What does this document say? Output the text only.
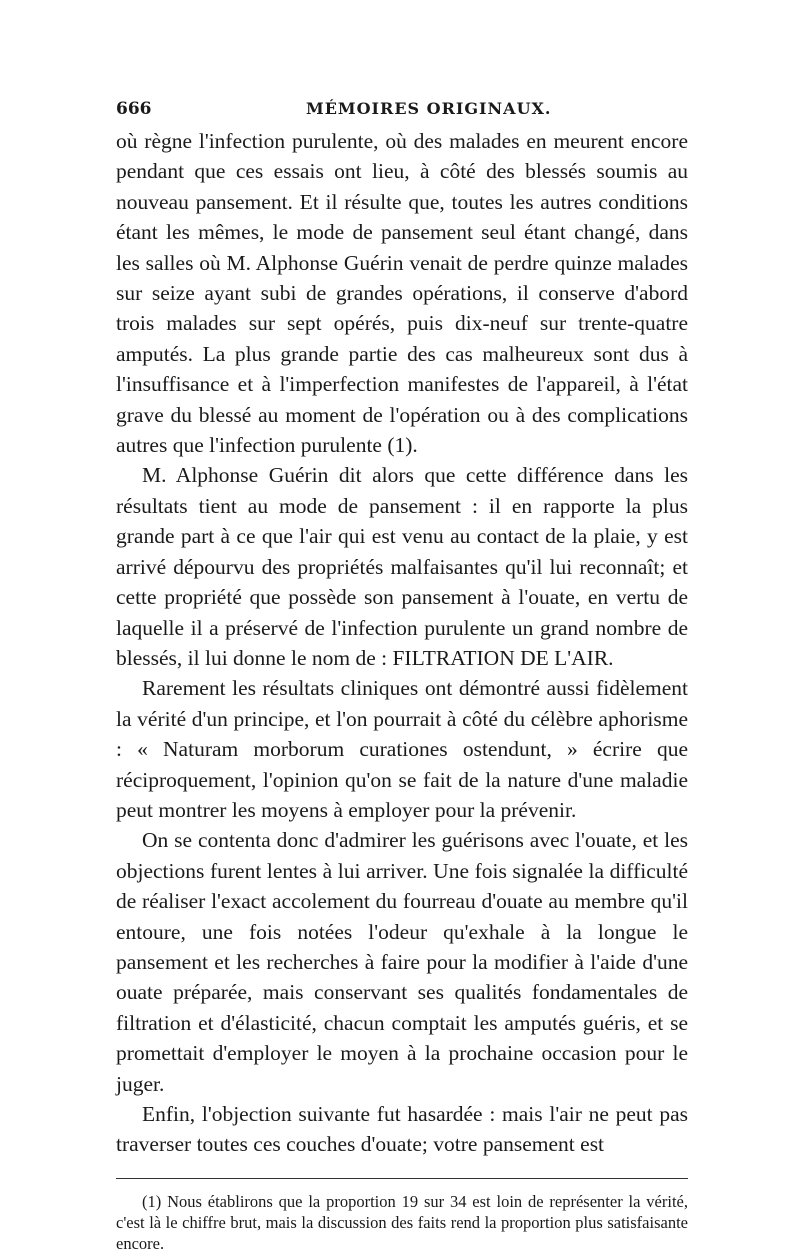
666	MÉMOIRES ORIGINAUX.

où règne l'infection purulente, où des malades en meurent encore pendant que ces essais ont lieu, à côté des blessés soumis au nouveau pansement. Et il résulte que, toutes les autres conditions étant les mêmes, le mode de pansement seul étant changé, dans les salles où M. Alphonse Guérin venait de perdre quinze malades sur seize ayant subi de grandes opérations, il conserve d'abord trois malades sur sept opérés, puis dix-neuf sur trente-quatre amputés. La plus grande partie des cas malheureux sont dus à l'insuffisance et à l'imperfection manifestes de l'appareil, à l'état grave du blessé au moment de l'opération ou à des complications autres que l'infection purulente (1).

M. Alphonse Guérin dit alors que cette différence dans les résultats tient au mode de pansement : il en rapporte la plus grande part à ce que l'air qui est venu au contact de la plaie, y est arrivé dépourvu des propriétés malfaisantes qu'il lui reconnaît; et cette propriété que possède son pansement à l'ouate, en vertu de laquelle il a préservé de l'infection purulente un grand nombre de blessés, il lui donne le nom de : FILTRATION DE L'AIR.

Rarement les résultats cliniques ont démontré aussi fidèlement la vérité d'un principe, et l'on pourrait à côté du célèbre aphorisme : « Naturam morborum curationes ostendunt, » écrire que réciproquement, l'opinion qu'on se fait de la nature d'une maladie peut montrer les moyens à employer pour la prévenir.

On se contenta donc d'admirer les guérisons avec l'ouate, et les objections furent lentes à lui arriver. Une fois signalée la difficulté de réaliser l'exact accolement du fourreau d'ouate au membre qu'il entoure, une fois notées l'odeur qu'exhale à la longue le pansement et les recherches à faire pour la modifier à l'aide d'une ouate préparée, mais conservant ses qualités fondamentales de filtration et d'élasticité, chacun comptait les amputés guéris, et se promettait d'employer le moyen à la prochaine occasion pour le juger.

Enfin, l'objection suivante fut hasardée : mais l'air ne peut pas traverser toutes ces couches d'ouate; votre pansement est

(1) Nous établirons que la proportion 19 sur 34 est loin de représenter la vérité, c'est là le chiffre brut, mais la discussion des faits rend la proportion plus satisfaisante encore.
